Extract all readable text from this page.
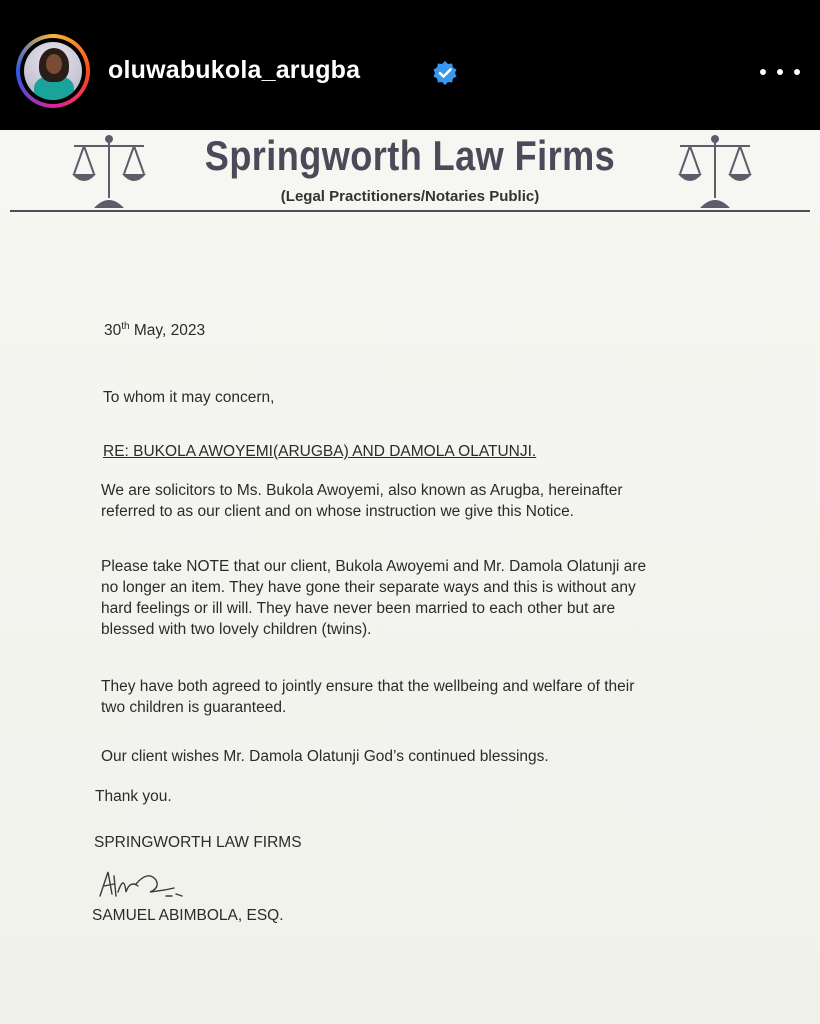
oluwabukola_arugba
Springworth Law Firms
(Legal Practitioners/Notaries Public)
30th May, 2023
To whom it may concern,
RE: BUKOLA AWOYEMI(ARUGBA) AND DAMOLA OLATUNJI.
We are solicitors to Ms. Bukola Awoyemi, also known as Arugba, hereinafter
referred to as our client and on whose instruction we give this Notice.
Please take NOTE that our client, Bukola Awoyemi and Mr. Damola Olatunji are
no longer an item. They have gone their separate ways and this is without any
hard feelings or ill will. They have never been married to each other but are
blessed with two lovely children (twins).
They have both agreed to jointly ensure that the wellbeing and welfare of their
two children is guaranteed.
Our client wishes Mr. Damola Olatunji God’s continued blessings.
Thank you.
SPRINGWORTH LAW FIRMS
SAMUEL ABIMBOLA, ESQ.
